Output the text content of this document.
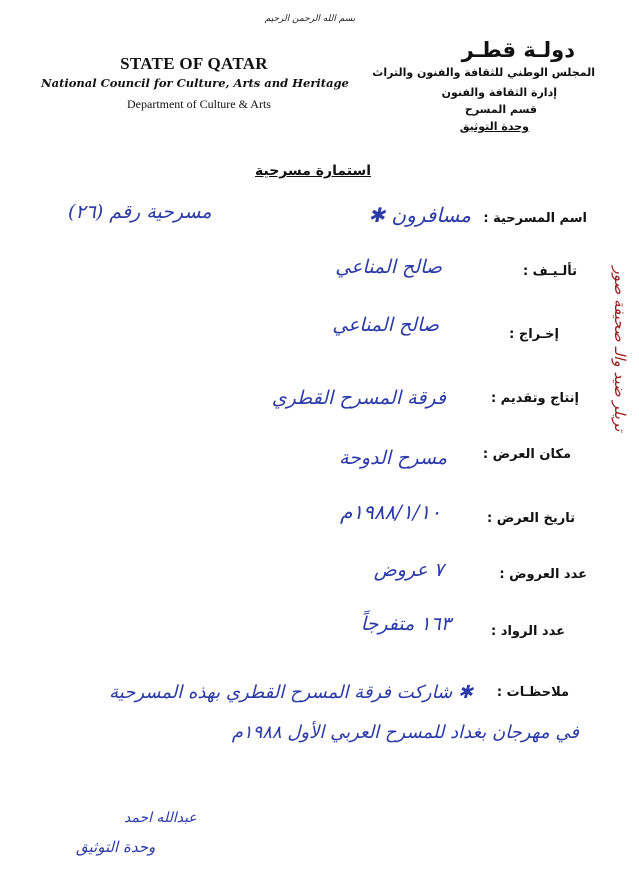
بسم الله الرحمن الرحيم
STATE OF QATAR
National Council for Culture, Arts and Heritage
Department of Culture & Arts
دولـة قطـر
المجلس الوطني للثقافة والفنون والتراث
إدارة الثقافة والفنون
قسم المسرح
وحدة التوثيق
استمارة مسرحية
اسم المسرحية :
مسافرون ✱
مسرحية رقم (٢٦)
تألـيـف :
صالح المناعي
إخـراج :
صالح المناعي
إنتاج وتقديم :
فرقة المسرح القطري
مكان العرض :
مسرح الدوحة
تاريخ العرض :
١٩٨٨/١/١٠م
عدد العروض :
٧ عروض
عدد الرواد :
١٦٣ متفرجاً
ملاحظـات :
✱ شاركت فرقة المسرح القطري بهذه المسرحية
في مهرجان بغداد للمسرح العربي الأول ١٩٨٨م
تريلر ضيد والـ صحيفة صور
عبدالله احمد
وحدة التوثيق
